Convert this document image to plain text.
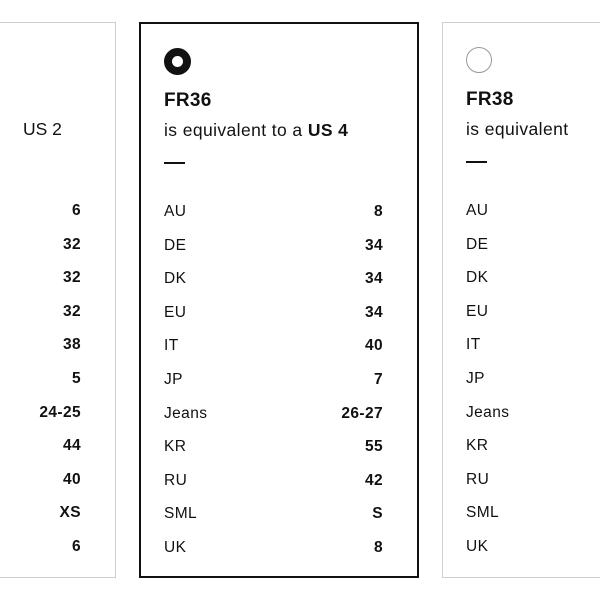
US 2
6
32
32
32
38
5
24-25
44
40
XS
6
FR36
is equivalent to a US 4
AU	8
DE	34
DK	34
EU	34
IT	40
JP	7
Jeans	26-27
KR	55
RU	42
SML	S
UK	8
FR38
is equivalent
AU
DE
DK
EU
IT
JP
Jeans
KR
RU
SML
UK
